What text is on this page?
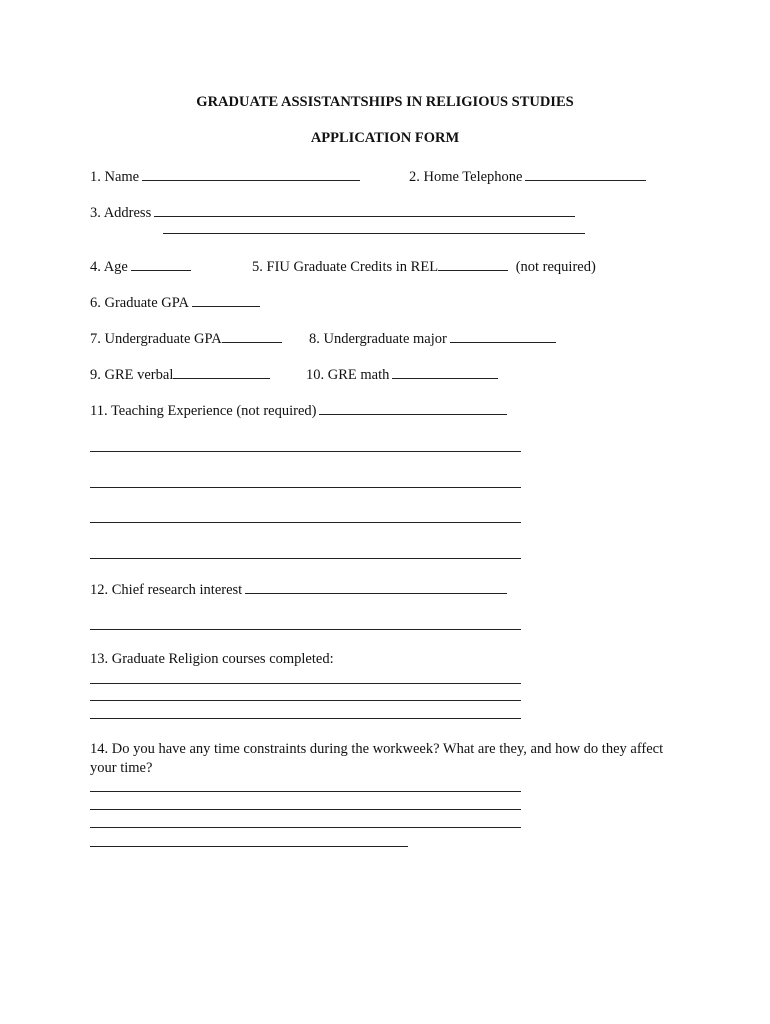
GRADUATE ASSISTANTSHIPS IN RELIGIOUS STUDIES
APPLICATION FORM
1. Name	2. Home Telephone
3. Address
4. Age	5. FIU Graduate Credits in REL	(not required)
6. Graduate GPA
7. Undergraduate GPA	8. Undergraduate major
9. GRE verbal	10. GRE math
11. Teaching Experience (not required)
12. Chief research interest
13. Graduate Religion courses completed:
14. Do you have any time constraints during the workweek? What are they, and how do they affect your time?
